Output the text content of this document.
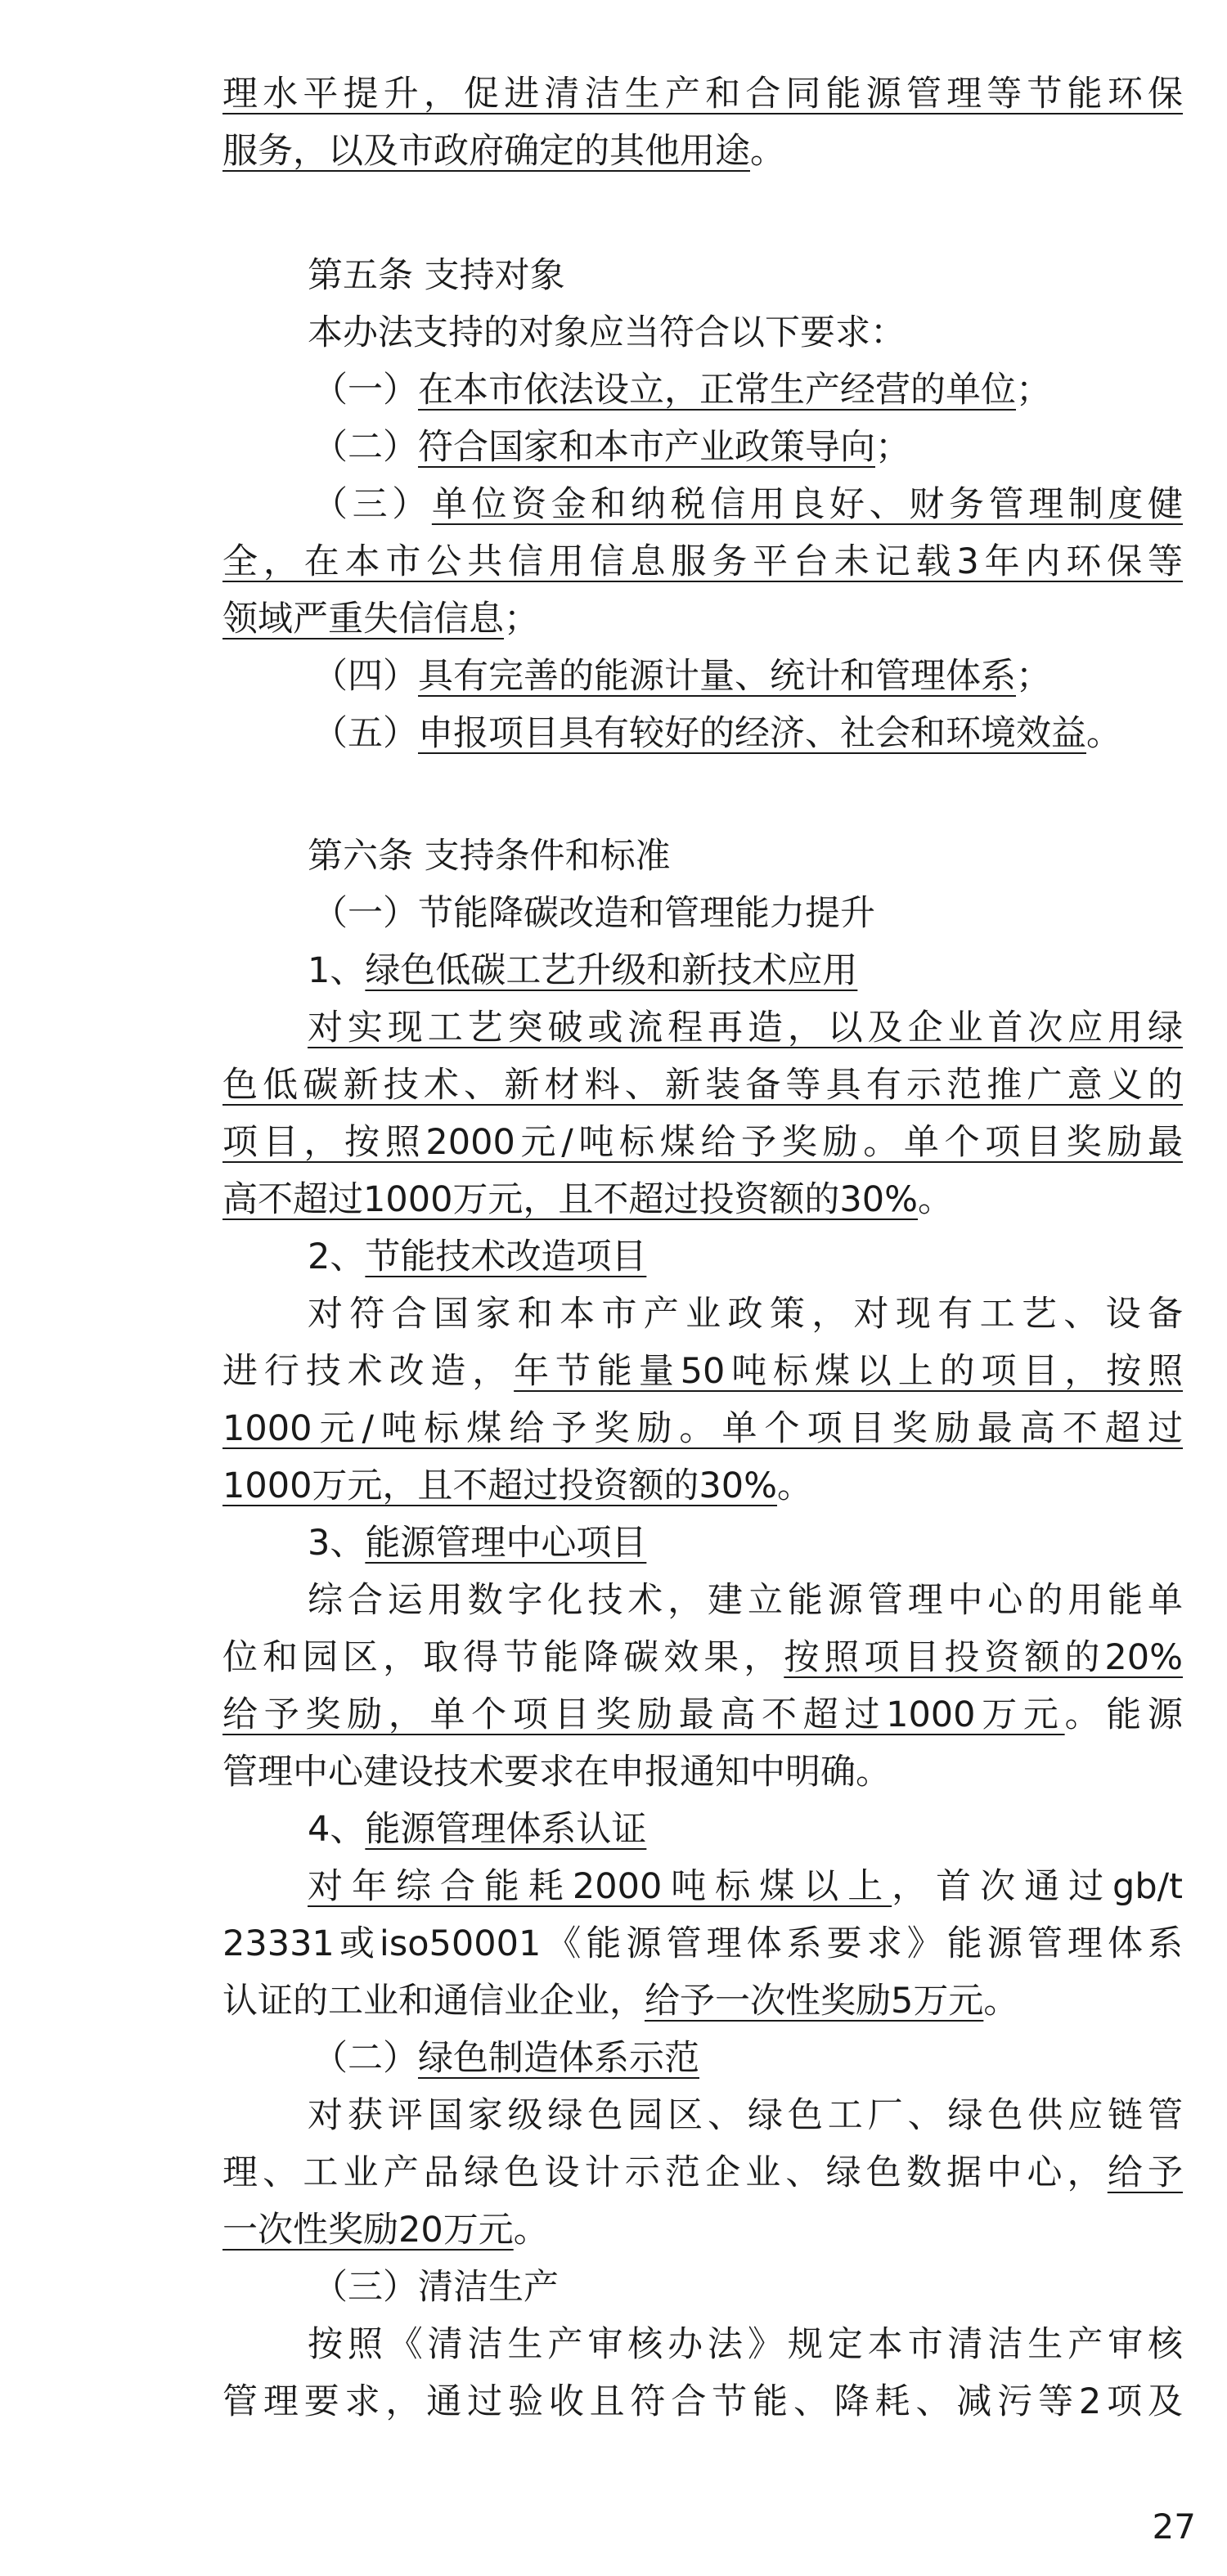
理水平提升，促进清洁生产和合同能源管理等节能环保
服务，以及市政府确定的其他用途。
第五条 支持对象
本办法支持的对象应当符合以下要求：
（一）在本市依法设立，正常生产经营的单位；
（二）符合国家和本市产业政策导向；
（三）单位资金和纳税信用良好、财务管理制度健
全，在本市公共信用信息服务平台未记载3年内环保等
领域严重失信信息；
（四）具有完善的能源计量、统计和管理体系；
（五）申报项目具有较好的经济、社会和环境效益。
第六条 支持条件和标准
（一）节能降碳改造和管理能力提升
1、绿色低碳工艺升级和新技术应用
对实现工艺突破或流程再造，以及企业首次应用绿
色低碳新技术、新材料、新装备等具有示范推广意义的
项目，按照2000元/吨标煤给予奖励。单个项目奖励最
高不超过1000万元，且不超过投资额的30%。
2、节能技术改造项目
对符合国家和本市产业政策，对现有工艺、设备
进行技术改造，年节能量50吨标煤以上的项目，按照
1000元/吨标煤给予奖励。单个项目奖励最高不超过
1000万元，且不超过投资额的30%。
3、能源管理中心项目
综合运用数字化技术，建立能源管理中心的用能单
位和园区，取得节能降碳效果，按照项目投资额的20%
给予奖励，单个项目奖励最高不超过1000万元。能源
管理中心建设技术要求在申报通知中明确。
4、能源管理体系认证
对年综合能耗2000吨标煤以上，首次通过gb/t
23331或iso50001《能源管理体系要求》能源管理体系
认证的工业和通信业企业，给予一次性奖励5万元。
（二）绿色制造体系示范
对获评国家级绿色园区、绿色工厂、绿色供应链管
理、工业产品绿色设计示范企业、绿色数据中心，给予
一次性奖励20万元。
（三）清洁生产
按照《清洁生产审核办法》规定本市清洁生产审核
管理要求，通过验收且符合节能、降耗、减污等2项及
27
